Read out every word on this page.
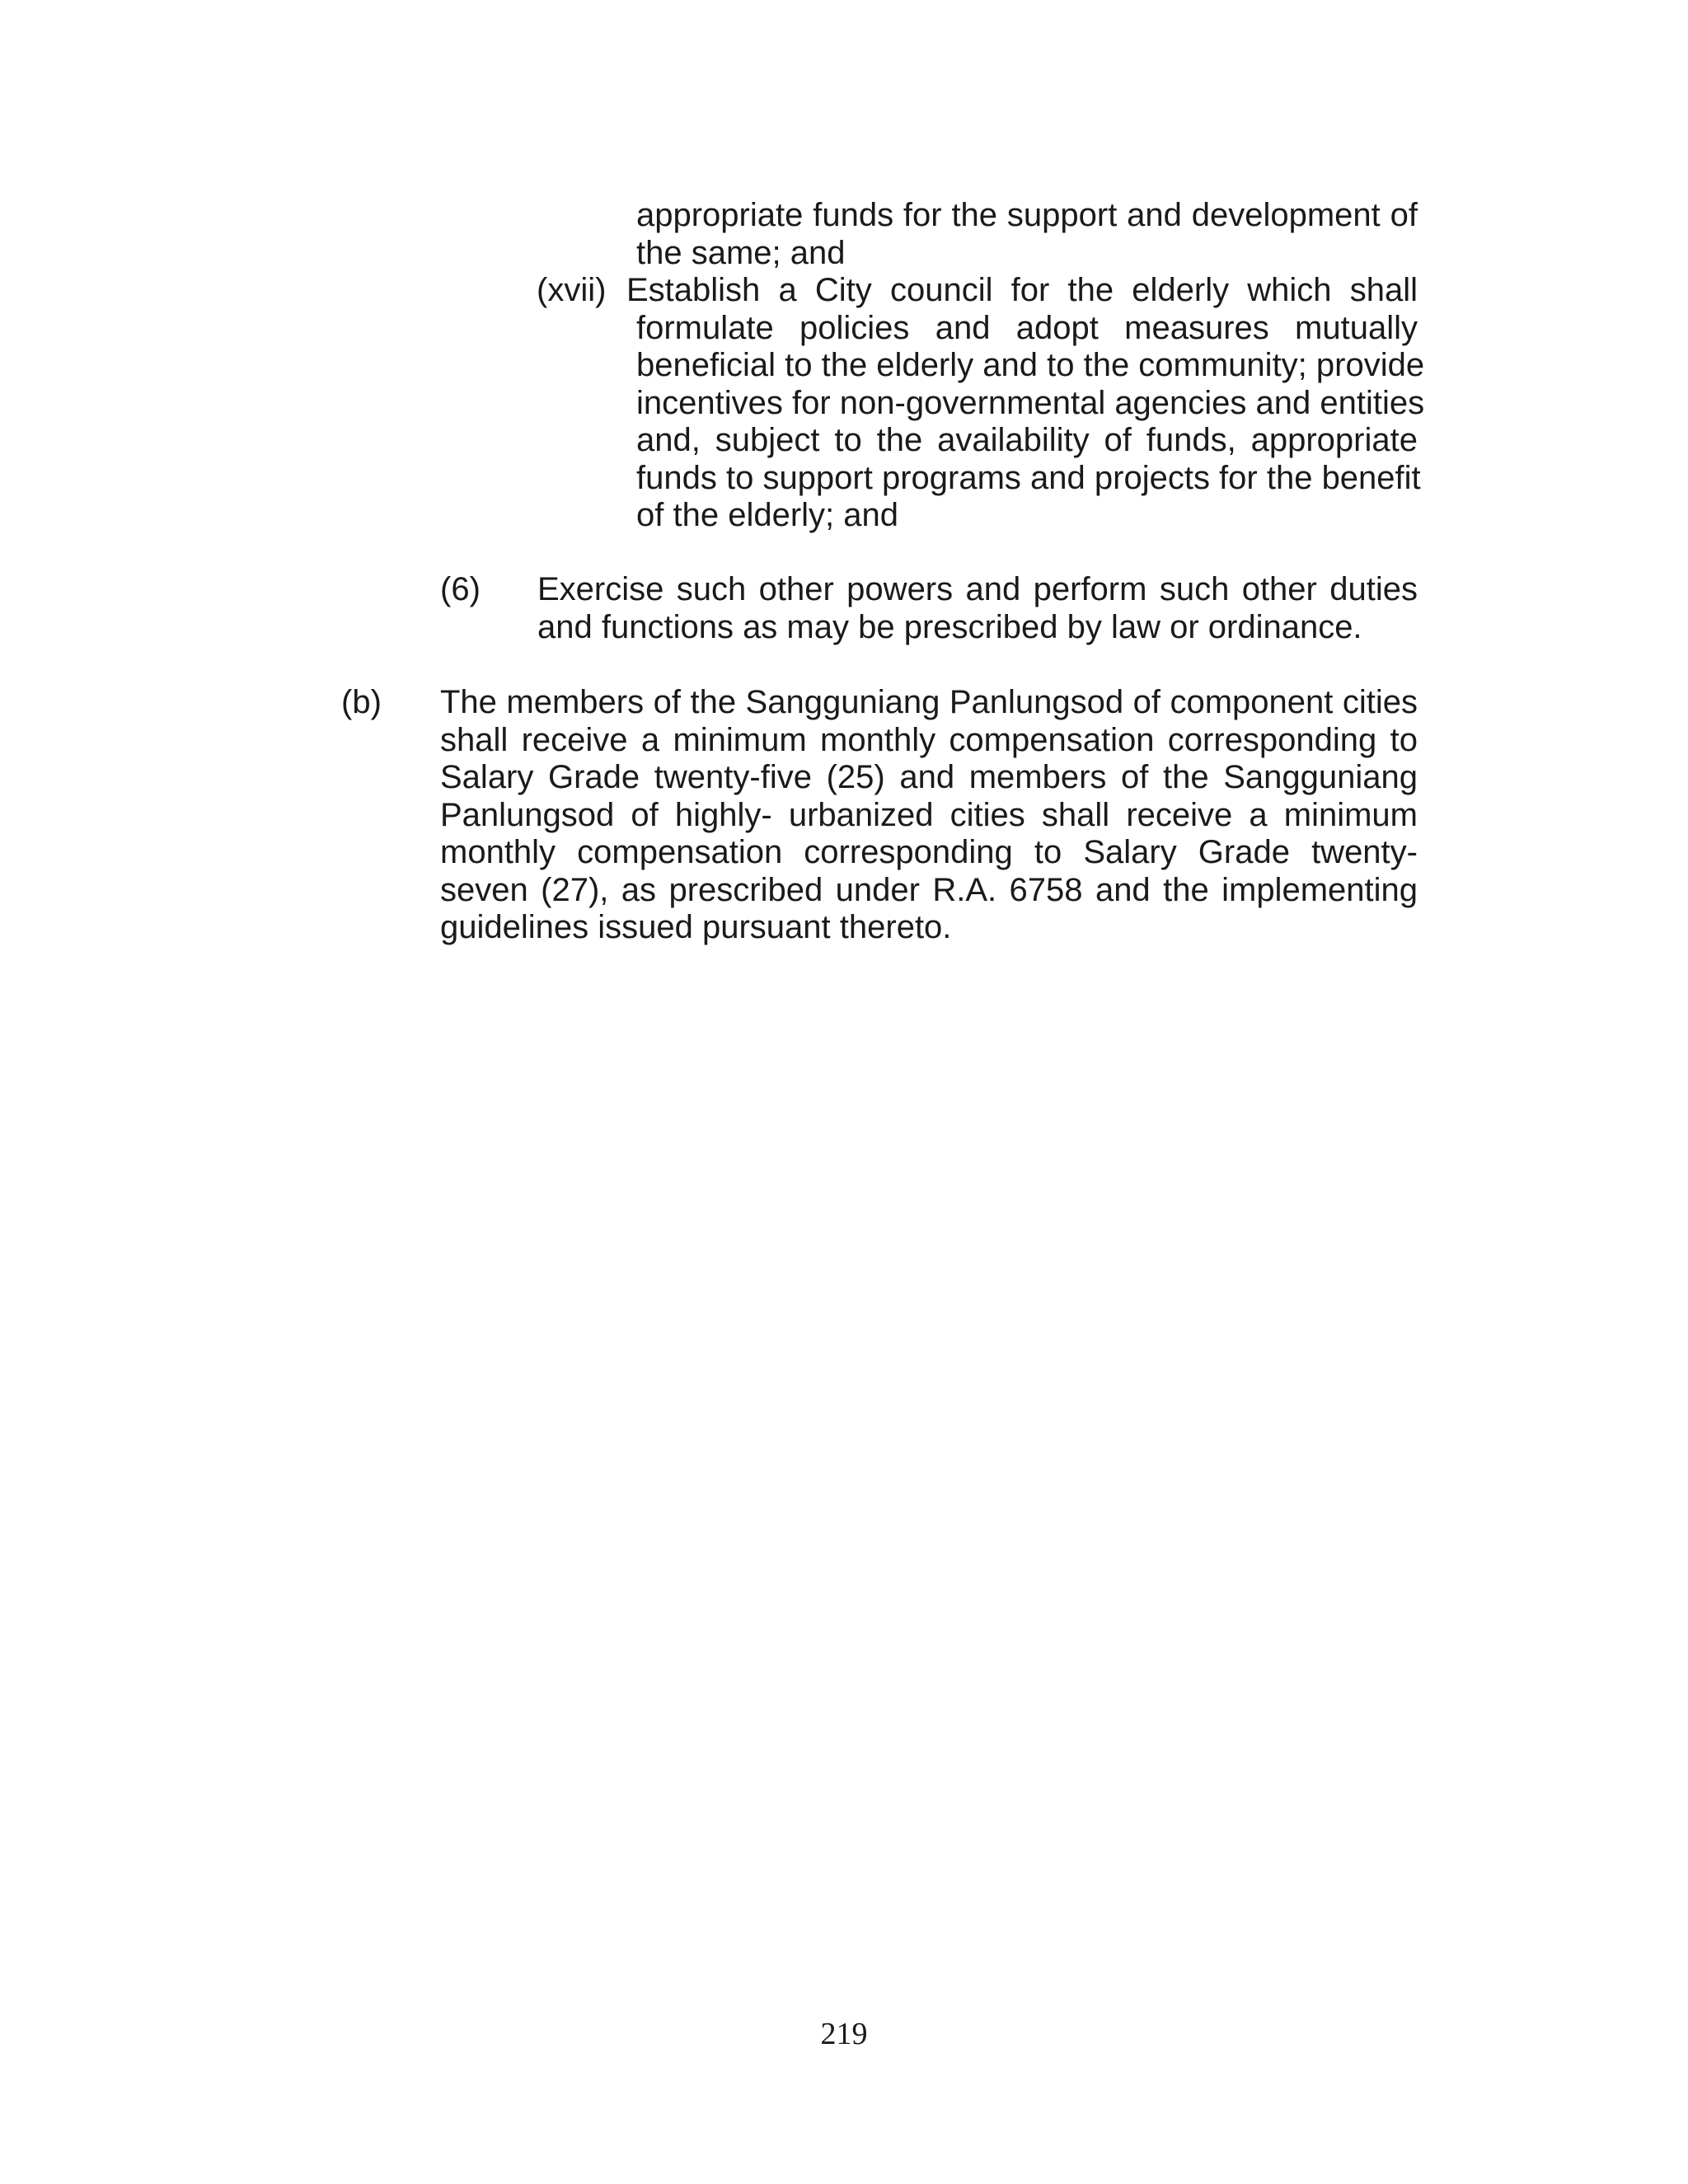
appropriate funds for the support and development of
the same; and
(xvii) Establish a City council for the elderly which shall
formulate policies and adopt measures mutually
beneficial to the elderly and to the community; provide
incentives for non-governmental agencies and entities
and, subject to the availability of funds, appropriate
funds to support programs and projects for the benefit
of the elderly; and
(6) Exercise such other powers and perform such other duties
and functions as may be prescribed by law or ordinance.
(b) The members of the Sangguniang Panlungsod of component cities
shall receive a minimum monthly compensation corresponding to
Salary Grade twenty-five (25) and members of the Sangguniang
Panlungsod of highly- urbanized cities shall receive a minimum
monthly compensation corresponding to Salary Grade twenty-
seven (27), as prescribed under R.A. 6758 and the implementing
guidelines issued pursuant thereto.
219
